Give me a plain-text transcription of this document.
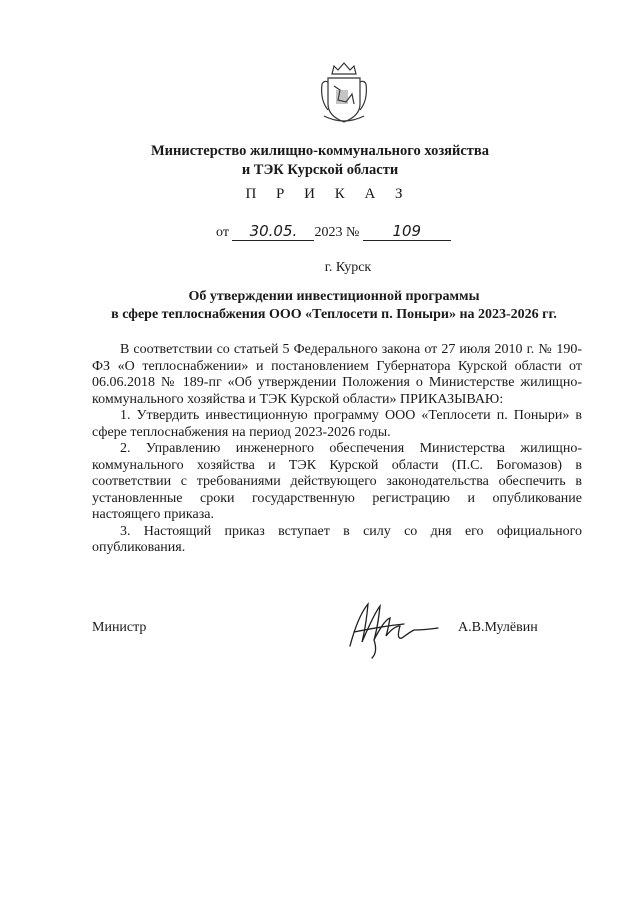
Министерство жилищно-коммунального хозяйства
и ТЭК Курской области
П Р И К А З
от 30.05. 2023 № 109
г. Курск
Об утверждении инвестиционной программы
в сфере теплоснабжения ООО «Теплосети п. Поныри» на 2023-2026 гг.

В соответствии со статьей 5 Федерального закона от 27 июля 2010 г. № 190-ФЗ «О теплоснабжении» и постановлением Губернатора Курской области от 06.06.2018 № 189-пг «Об утверждении Положения о Министерстве жилищно-коммунального хозяйства и ТЭК Курской области» ПРИКАЗЫВАЮ:

1. Утвердить инвестиционную программу ООО «Теплосети п. Поныри» в сфере теплоснабжения на период 2023-2026 годы.

2. Управлению инженерного обеспечения Министерства жилищно-коммунального хозяйства и ТЭК Курской области (П.С. Богомазов) в соответствии с требованиями действующего законодательства обеспечить в установленные сроки государственную регистрацию и опубликование настоящего приказа.

3. Настоящий приказ вступает в силу со дня его официального опубликования.

Министр	А.В.Мулёвин
